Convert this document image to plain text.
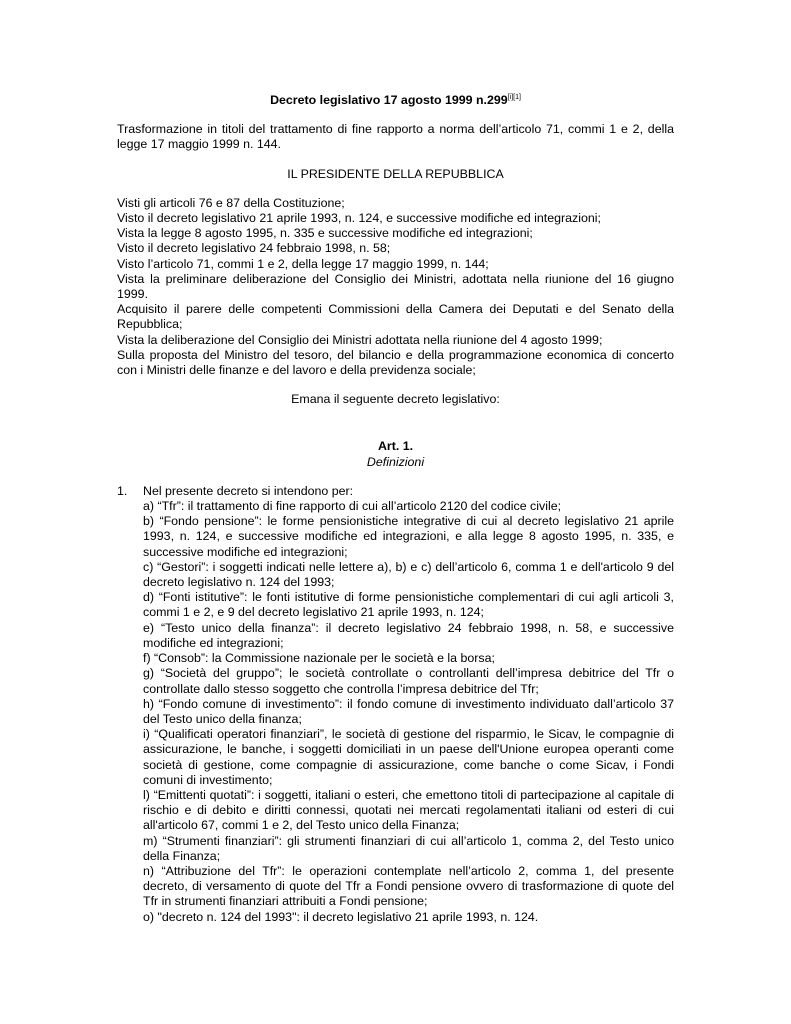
Decreto legislativo 17 agosto 1999 n.299[i][1]

Trasformazione in titoli del trattamento di fine rapporto a norma dell’articolo 71, commi 1 e 2, della legge 17 maggio 1999 n. 144.

IL PRESIDENTE DELLA REPUBBLICA

Visti gli articoli 76 e 87 della Costituzione;

Visto il decreto legislativo 21 aprile 1993, n. 124, e successive modifiche ed integrazioni;

Vista la legge 8 agosto 1995, n. 335 e successive modifiche ed integrazioni;

Visto il decreto legislativo 24 febbraio 1998, n. 58;

Visto l’articolo 71, commi 1 e 2, della legge 17 maggio 1999, n. 144;

Vista la preliminare deliberazione del Consiglio dei Ministri, adottata nella riunione del 16 giugno 1999.

Acquisito il parere delle competenti Commissioni della Camera dei Deputati e del Senato della Repubblica;

Vista la deliberazione del Consiglio dei Ministri adottata nella riunione del 4 agosto 1999;

Sulla proposta del Ministro del tesoro, del bilancio e della programmazione economica di concerto con i Ministri delle finanze e del lavoro e della previdenza sociale;

Emana il seguente decreto legislativo:

Art. 1.

Definizioni

1. Nel presente decreto si intendono per:

a) “Tfr”: il trattamento di fine rapporto di cui all’articolo 2120 del codice civile;

b) “Fondo pensione”: le forme pensionistiche integrative di cui al decreto legislativo 21 aprile 1993, n. 124, e successive modifiche ed integrazioni, e alla legge 8 agosto 1995, n. 335, e successive modifiche ed integrazioni;

c) “Gestori”: i soggetti indicati nelle lettere a), b) e c) dell’articolo 6, comma 1 e dell'articolo 9 del decreto legislativo n. 124 del 1993;

d) “Fonti istitutive”: le fonti istitutive di forme pensionistiche complementari di cui agli articoli 3, commi 1 e 2, e 9 del decreto legislativo 21 aprile 1993, n. 124;

e) “Testo unico della finanza”: il decreto legislativo 24 febbraio 1998, n. 58, e successive modifiche ed integrazioni;

f) “Consob”: la Commissione nazionale per le società e la borsa;

g) “Società del gruppo”; le società controllate o controllanti dell’impresa debitrice del Tfr o controllate dallo stesso soggetto che controlla l’impresa debitrice del Tfr;

h) “Fondo comune di investimento”: il fondo comune di investimento individuato dall’articolo 37 del Testo unico della finanza;

i) “Qualificati operatori finanziari”, le società di gestione del risparmio, le Sicav, le compagnie di assicurazione, le banche, i soggetti domiciliati in un paese dell'Unione europea operanti come società di gestione, come compagnie di assicurazione, come banche o come Sicav, i Fondi comuni di investimento;

l) “Emittenti quotati”: i soggetti, italiani o esteri, che emettono titoli di partecipazione al capitale di rischio e di debito e diritti connessi, quotati nei mercati regolamentati italiani od esteri di cui all'articolo 67, commi 1 e 2, del Testo unico della Finanza;

m) “Strumenti finanziari”: gli strumenti finanziari di cui all’articolo 1, comma 2, del Testo unico della Finanza;

n) “Attribuzione del Tfr”: le operazioni contemplate nell’articolo 2, comma 1, del presente decreto, di versamento di quote del Tfr a Fondi pensione ovvero di trasformazione di quote del Tfr in strumenti finanziari attribuiti a Fondi pensione;

o) "decreto n. 124 del 1993": il decreto legislativo 21 aprile 1993, n. 124.
